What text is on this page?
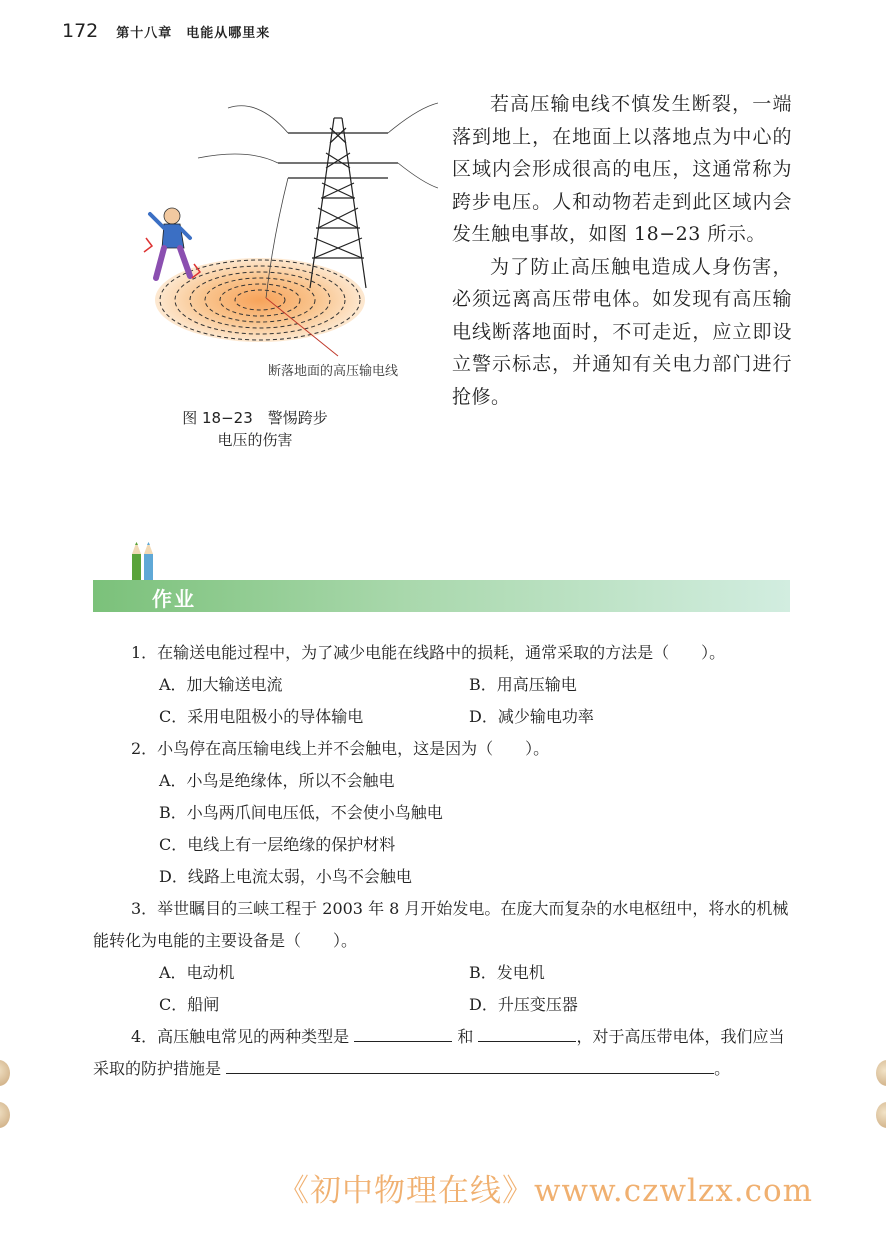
172 第十八章　电能从哪里来
断落地面的高压输电线
图 18−23　警惕跨步
电压的伤害

若高压输电线不慎发生断裂，一端落到地上，在地面上以落地点为中心的区域内会形成很高的电压，这通常称为跨步电压。人和动物若走到此区域内会发生触电事故，如图 18−23 所示。

为了防止高压触电造成人身伤害，必须远离高压带电体。如发现有高压输电线断落地面时，不可走近，应立即设立警示标志，并通知有关电力部门进行抢修。

作业
1．在输送电能过程中，为了减少电能在线路中的损耗，通常采取的方法是（　　）。
A．加大输送电流	B．用高压输电
C．采用电阻极小的导体输电	D．减少输电功率
2．小鸟停在高压输电线上并不会触电，这是因为（　　）。
A．小鸟是绝缘体，所以不会触电
B．小鸟两爪间电压低，不会使小鸟触电
C．电线上有一层绝缘的保护材料
D．线路上电流太弱，小鸟不会触电
3．举世瞩目的三峡工程于 2003 年 8 月开始发电。在庞大而复杂的水电枢纽中，将水的机械能转化为电能的主要设备是（　　）。
A．电动机	B．发电机
C．船闸	D．升压变压器
4．高压触电常见的两种类型是	和	，对于高压带电体，我们应当采取的防护措施是	。
《初中物理在线》www.czwlzx.com
